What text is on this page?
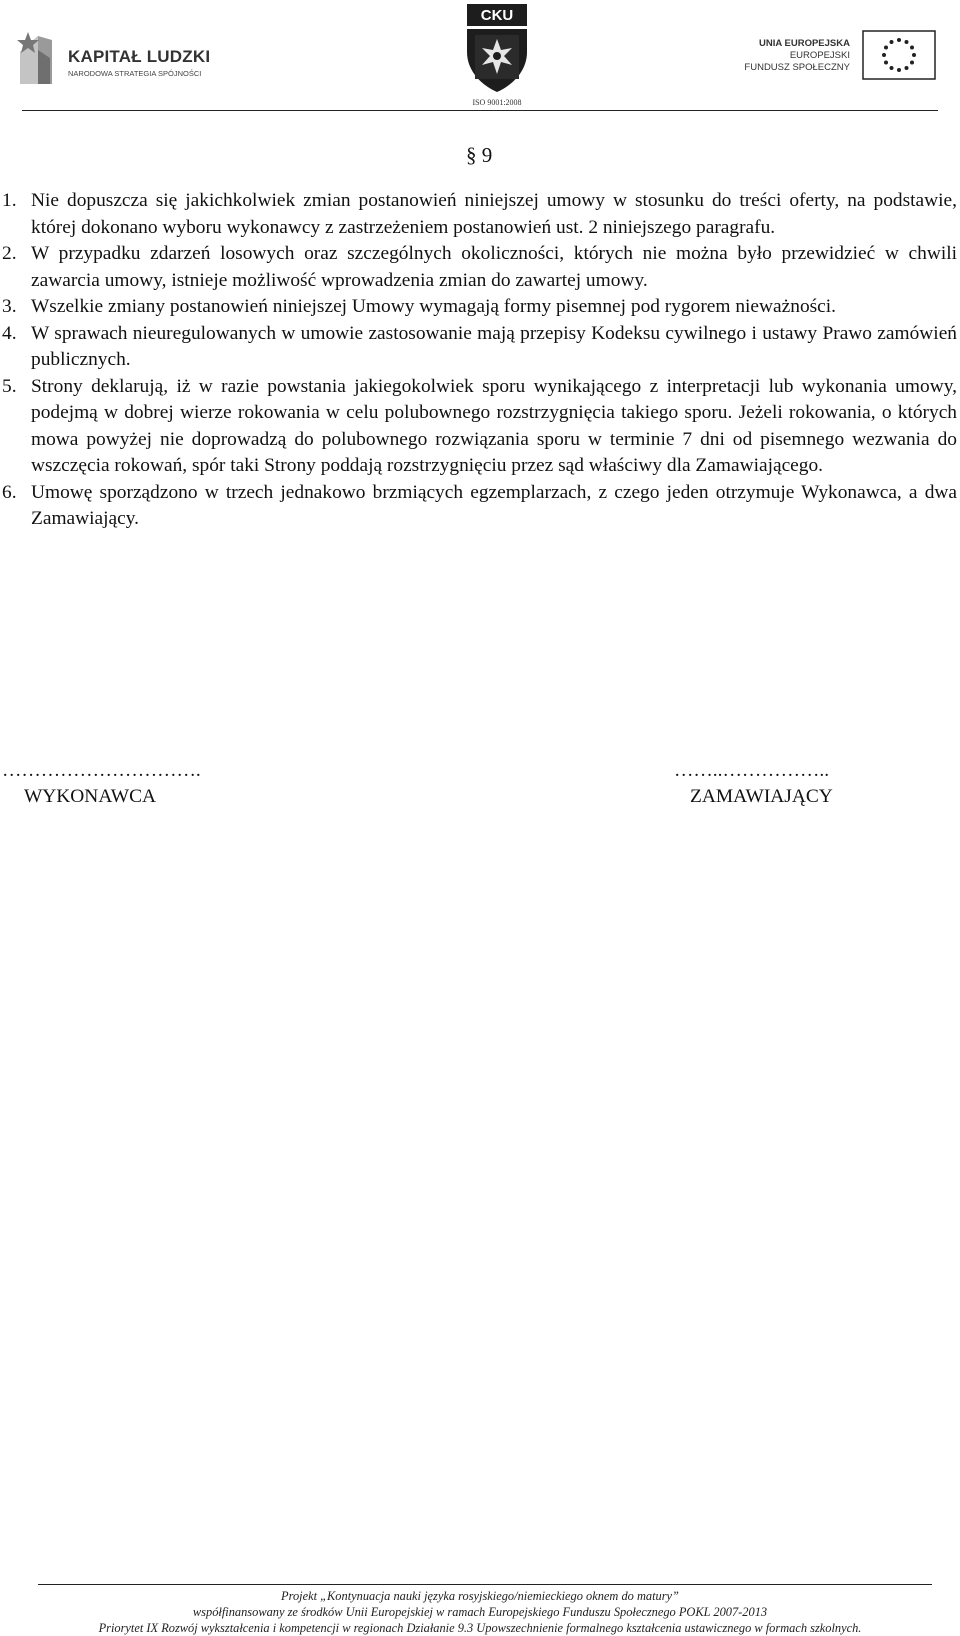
KAPITAŁ LUDZKI
NARODOWA STRATEGIA SPÓJNOŚCI
CKU
ISO 9001:2008
UNIA EUROPEJSKA
EUROPEJSKI
FUNDUSZ SPOŁECZNY
§ 9
1. Nie dopuszcza się jakichkolwiek zmian postanowień niniejszej umowy w stosunku do treści oferty, na podstawie, której dokonano wyboru wykonawcy z zastrzeżeniem postanowień ust. 2 niniejszego paragrafu.
2. W przypadku zdarzeń losowych oraz szczególnych okoliczności, których nie można było przewidzieć w chwili zawarcia umowy, istnieje możliwość wprowadzenia zmian do zawartej umowy.
3. Wszelkie zmiany postanowień niniejszej Umowy wymagają formy pisemnej pod rygorem nieważności.
4. W sprawach nieuregulowanych w umowie zastosowanie mają przepisy Kodeksu cywilnego i ustawy Prawo zamówień publicznych.
5. Strony deklarują, iż w razie powstania jakiegokolwiek sporu wynikającego z interpretacji lub wykonania umowy, podejmą w dobrej wierze rokowania w celu polubownego rozstrzygnięcia takiego sporu. Jeżeli rokowania, o których mowa powyżej nie doprowadzą do polubownego rozwiązania sporu w terminie 7 dni od pisemnego wezwania do wszczęcia rokowań, spór taki Strony poddają rozstrzygnięciu przez sąd właściwy dla Zamawiającego.
6. Umowę sporządzono w trzech jednakowo brzmiących egzemplarzach, z czego jeden otrzymuje Wykonawca, a dwa Zamawiający.
………………………….
WYKONAWCA
……..……………..
ZAMAWIAJĄCY
Projekt „Kontynuacja nauki języka rosyjskiego/niemieckiego oknem do matury”
współfinansowany ze środków Unii Europejskiej w ramach Europejskiego Funduszu Społecznego POKL 2007-2013
Priorytet IX Rozwój wykształcenia i kompetencji w regionach Działanie 9.3 Upowszechnienie formalnego kształcenia ustawicznego w formach szkolnych.
